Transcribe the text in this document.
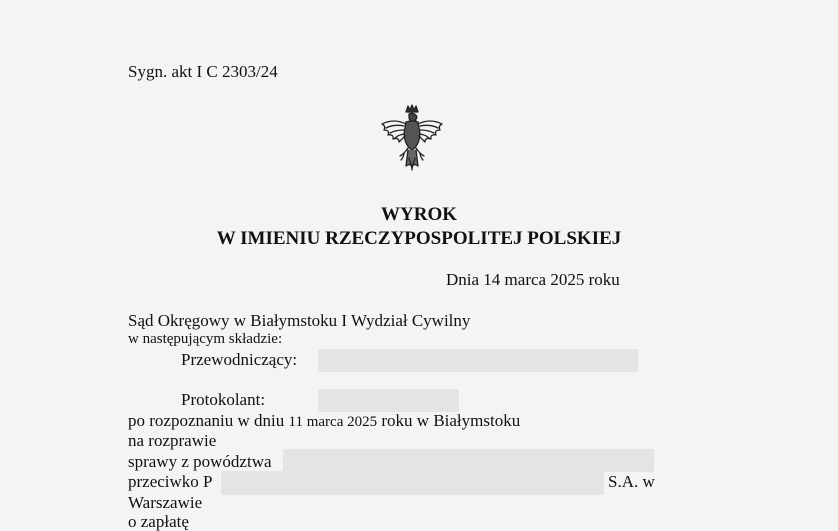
Sygn. akt I C 2303/24
WYROK
W IMIENIU RZECZYPOSPOLITEJ POLSKIEJ
Dnia 14 marca 2025 roku
Sąd Okręgowy w Białymstoku I Wydział Cywilny
w następującym składzie:
Przewodniczący:
Protokolant:
po rozpoznaniu w dniu 11 marca 2025 roku w Białymstoku
na rozprawie
sprawy z powództwa
przeciwko P	S.A. w
Warszawie
o zapłatę
